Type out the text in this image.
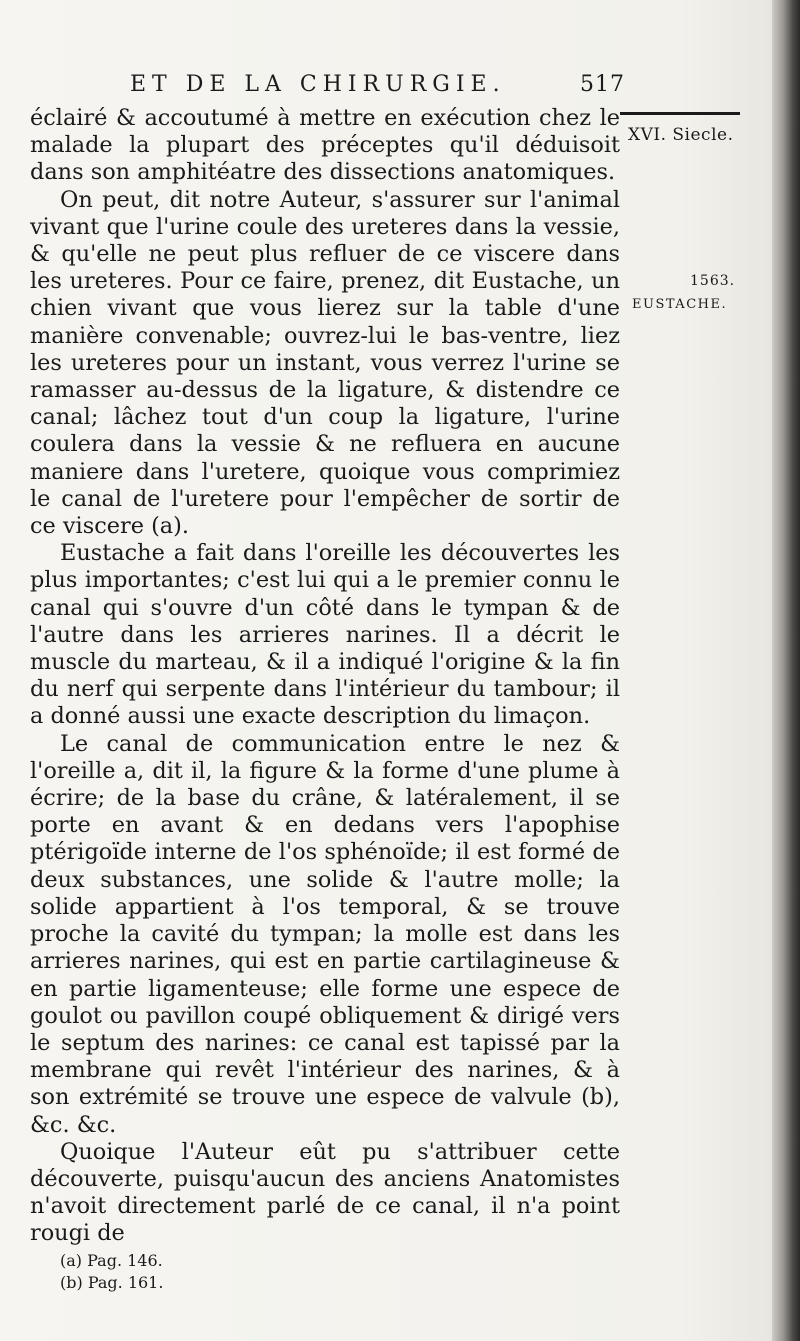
ET DE LA CHIRURGIE.	517

éclairé & accoutumé à mettre en exécution chez le malade la plupart des préceptes qu'il déduisoit dans son amphitéatre des dissections anatomiques.

On peut, dit notre Auteur, s'assurer sur l'animal vivant que l'urine coule des ureteres dans la vessie, & qu'elle ne peut plus refluer de ce viscere dans les ureteres. Pour ce faire, prenez, dit Eustache, un chien vivant que vous lierez sur la table d'une manière convenable; ouvrez-lui le bas-ventre, liez les ureteres pour un instant, vous verrez l'urine se ramasser au-dessus de la ligature, & distendre ce canal; lâchez tout d'un coup la ligature, l'urine coulera dans la vessie & ne refluera en aucune maniere dans l'uretere, quoique vous comprimiez le canal de l'uretere pour l'empêcher de sortir de ce viscere (a).

Eustache a fait dans l'oreille les découvertes les plus importantes; c'est lui qui a le premier connu le canal qui s'ouvre d'un côté dans le tympan & de l'autre dans les arrieres narines. Il a décrit le muscle du marteau, & il a indiqué l'origine & la fin du nerf qui serpente dans l'intérieur du tambour; il a donné aussi une exacte description du limaçon.

Le canal de communication entre le nez & l'oreille a, dit il, la figure & la forme d'une plume à écrire; de la base du crâne, & latéralement, il se porte en avant & en dedans vers l'apophise ptérigoïde interne de l'os sphénoïde; il est formé de deux substances, une solide & l'autre molle; la solide appartient à l'os temporal, & se trouve proche la cavité du tympan; la molle est dans les arrieres narines, qui est en partie cartilagineuse & en partie ligamenteuse; elle forme une espece de goulot ou pavillon coupé obliquement & dirigé vers le septum des narines: ce canal est tapissé par la membrane qui revêt l'intérieur des narines, & à son extrémité se trouve une espece de valvule (b), &c. &c.

Quoique l'Auteur eût pu s'attribuer cette découverte, puisqu'aucun des anciens Anatomistes n'avoit directement parlé de ce canal, il n'a point rougi de

XVI. Siecle.
1563.
EUSTACHE.
(a) Pag. 146.
(b) Pag. 161.
